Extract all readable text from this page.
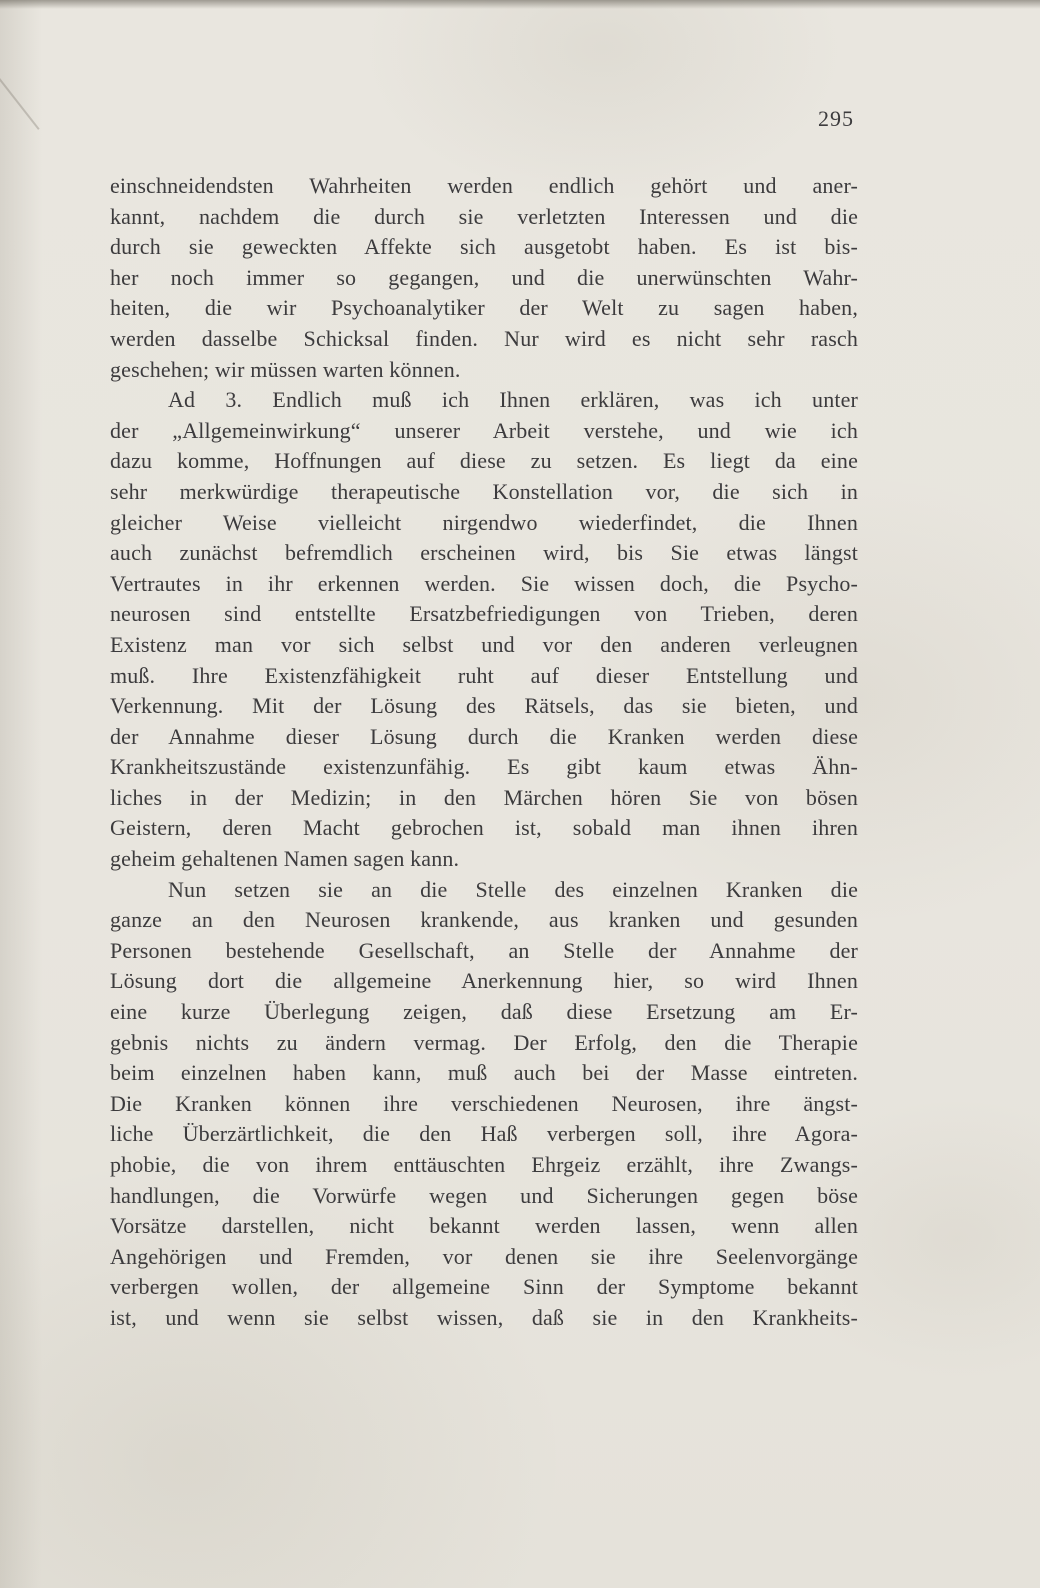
295
einschneidendsten Wahrheiten werden endlich gehört und aner-
kannt, nachdem die durch sie verletzten Interessen und die
durch sie geweckten Affekte sich ausgetobt haben. Es ist bis-
her noch immer so gegangen, und die unerwünschten Wahr-
heiten, die wir Psychoanalytiker der Welt zu sagen haben,
werden dasselbe Schicksal finden. Nur wird es nicht sehr rasch
geschehen; wir müssen warten können.
Ad 3. Endlich muß ich Ihnen erklären, was ich unter
der „Allgemeinwirkung“ unserer Arbeit verstehe, und wie ich
dazu komme, Hoffnungen auf diese zu setzen. Es liegt da eine
sehr merkwürdige therapeutische Konstellation vor, die sich in
gleicher Weise vielleicht nirgendwo wiederfindet, die Ihnen
auch zunächst befremdlich erscheinen wird, bis Sie etwas längst
Vertrautes in ihr erkennen werden. Sie wissen doch, die Psycho-
neurosen sind entstellte Ersatzbefriedigungen von Trieben, deren
Existenz man vor sich selbst und vor den anderen verleugnen
muß. Ihre Existenzfähigkeit ruht auf dieser Entstellung und
Verkennung. Mit der Lösung des Rätsels, das sie bieten, und
der Annahme dieser Lösung durch die Kranken werden diese
Krankheitszustände existenzunfähig. Es gibt kaum etwas Ähn-
liches in der Medizin; in den Märchen hören Sie von bösen
Geistern, deren Macht gebrochen ist, sobald man ihnen ihren
geheim gehaltenen Namen sagen kann.
Nun setzen sie an die Stelle des einzelnen Kranken die
ganze an den Neurosen krankende, aus kranken und gesunden
Personen bestehende Gesellschaft, an Stelle der Annahme der
Lösung dort die allgemeine Anerkennung hier, so wird Ihnen
eine kurze Überlegung zeigen, daß diese Ersetzung am Er-
gebnis nichts zu ändern vermag. Der Erfolg, den die Therapie
beim einzelnen haben kann, muß auch bei der Masse eintreten.
Die Kranken können ihre verschiedenen Neurosen, ihre ängst-
liche Überzärtlichkeit, die den Haß verbergen soll, ihre Agora-
phobie, die von ihrem enttäuschten Ehrgeiz erzählt, ihre Zwangs-
handlungen, die Vorwürfe wegen und Sicherungen gegen böse
Vorsätze darstellen, nicht bekannt werden lassen, wenn allen
Angehörigen und Fremden, vor denen sie ihre Seelenvorgänge
verbergen wollen, der allgemeine Sinn der Symptome bekannt
ist, und wenn sie selbst wissen, daß sie in den Krankheits-
